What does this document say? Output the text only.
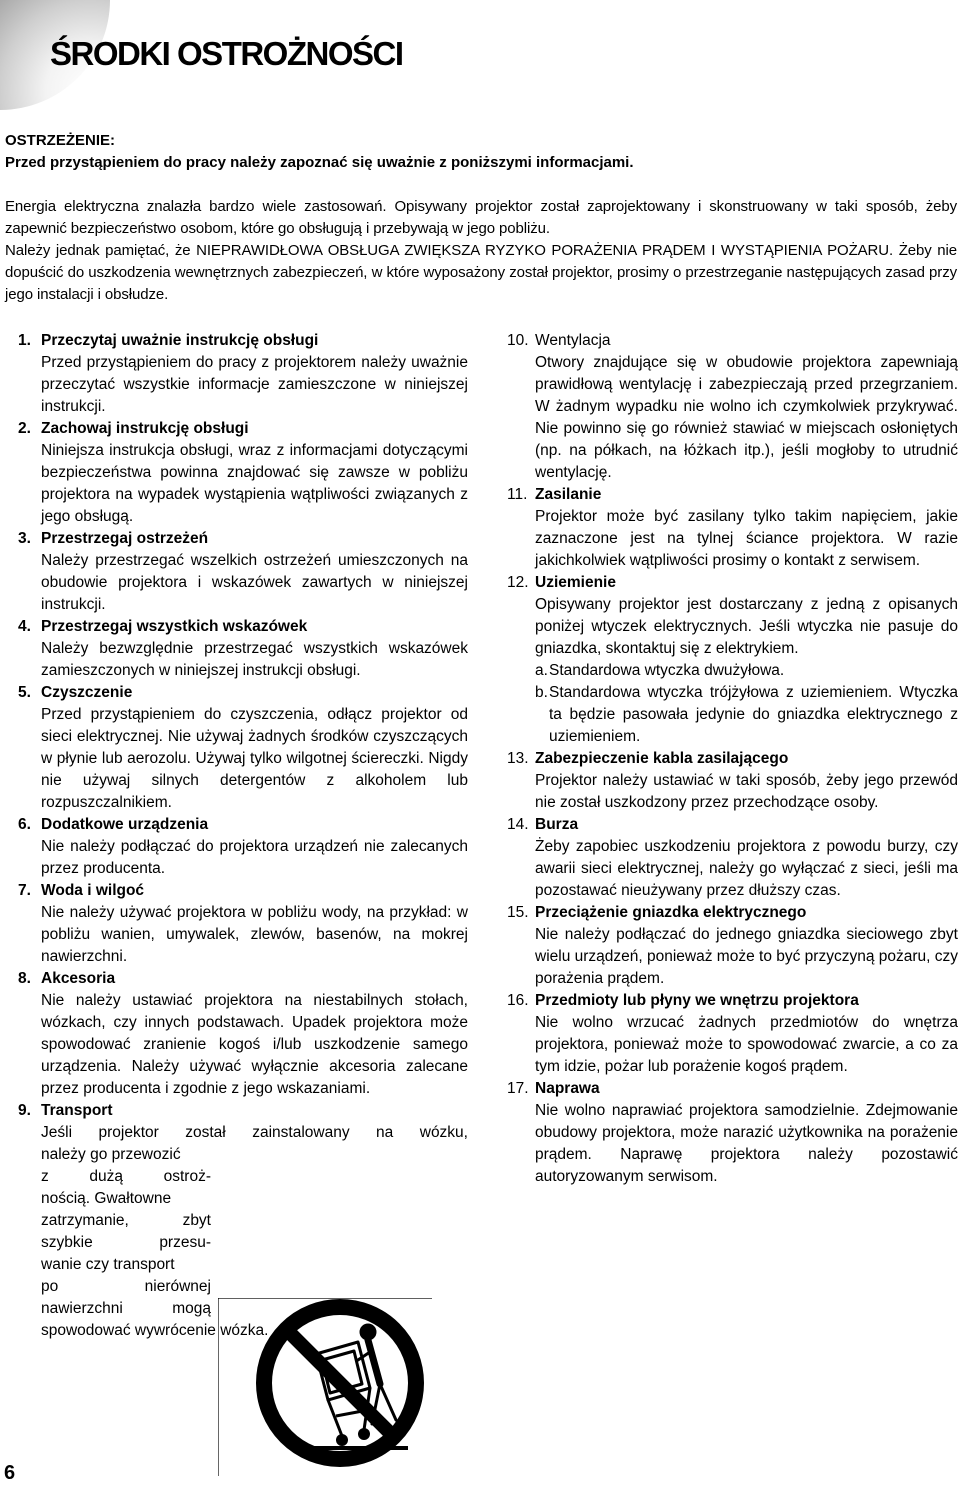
ŚRODKI OSTROŻNOŚCI
OSTRZEŻENIE:
Przed przystąpieniem do pracy należy zapoznać się uważnie z poniższymi informacjami.

Energia elektryczna znalazła bardzo wiele zastosowań. Opisywany projektor został zaprojektowany i skonstruowany w taki sposób, żeby zapewnić bezpieczeństwo osobom, które go obsługują i przebywają w jego pobliżu.

Należy jednak pamiętać, że NIEPRAWIDŁOWA OBSŁUGA ZWIĘKSZA RYZYKO PORAŻENIA PRĄDEM I WYSTĄPIENIA POŻARU. Żeby nie dopuścić do uszkodzenia wewnętrznych zabezpieczeń, w które wyposażony został projektor, prosimy o przestrzeganie następujących zasad przy jego instalacji i obsłudze.

1. Przeczytaj uważnie instrukcję obsługi

Przed przystąpieniem do pracy z projektorem należy uważnie przeczytać wszystkie informacje zamieszczone w niniejszej instrukcji.

2. Zachowaj instrukcję obsługi

Niniejsza instrukcja obsługi, wraz z informacjami dotyczącymi bezpieczeństwa powinna znajdować się zawsze w pobliżu projektora na wypadek wystąpienia wątpliwości związanych z jego obsługą.

3. Przestrzegaj ostrzeżeń

Należy przestrzegać wszelkich ostrzeżeń umieszczonych na obudowie projektora i wskazówek zawartych w niniejszej instrukcji.

4. Przestrzegaj wszystkich wskazówek

Należy bezwzględnie przestrzegać wszystkich wskazówek zamieszczonych w niniejszej instrukcji obsługi.

5. Czyszczenie

Przed przystąpieniem do czyszczenia, odłącz projektor od sieci elektrycznej. Nie używaj żadnych środków czyszczących w płynie lub aerozolu. Używaj tylko wilgotnej ściereczki. Nigdy nie używaj silnych detergentów z alkoholem lub rozpuszczalnikiem.

6. Dodatkowe urządzenia

Nie należy podłączać do projektora urządzeń nie zalecanych przez producenta.

7. Woda i wilgoć

Nie należy używać projektora w pobliżu wody, na przykład: w pobliżu wanien, umywalek, zlewów, basenów, na mokrej nawierzchni.

8. Akcesoria

Nie należy ustawiać projektora na niestabilnych stołach, wózkach, czy innych podstawach. Upadek projektora może spowodować zranienie kogoś i/lub uszkodzenie samego urządzenia. Należy używać wyłącznie akcesoria zalecane przez producenta i zgodnie z jego wskazaniami.

9. Transport
Jeśli projektor został zainstalowany na wózku,
należy go przewozić
z	dużą	ostroż-
nością. Gwałtowne
zatrzymanie,	zbyt
szybkie	przesu-
wanie czy transport
po	nierównej
nawierzchni	mogą
spowodować wywrócenie wózka.
10. Wentylacja

Otwory znajdujące się w obudowie projektora zapewniają prawidłową wentylację i zabezpieczają przed przegrzaniem. W żadnym wypadku nie wolno ich czymkolwiek przykrywać. Nie powinno się go również stawiać w miejscach osłoniętych (np. na półkach, na łóżkach itp.), jeśli mogłoby to utrudnić wentylację.

11. Zasilanie

Projektor może być zasilany tylko takim napięciem, jakie zaznaczone jest na tylnej ściance projektora. W razie jakichkolwiek wątpliwości prosimy o kontakt z serwisem.

12. Uziemienie

Opisywany projektor jest dostarczany z jedną z opisanych poniżej wtyczek elektrycznych. Jeśli wtyczka nie pasuje do gniazdka, skontaktuj się z elektrykiem.

a. Standardowa wtyczka dwużyłowa.
b. Standardowa wtyczka trójżyłowa z uziemieniem. Wtyczka ta będzie pasowała jedynie do gniazdka elektrycznego z uziemieniem.
13. Zabezpieczenie kabla zasilającego

Projektor należy ustawiać w taki sposób, żeby jego przewód nie został uszkodzony przez przechodzące osoby.

14. Burza

Żeby zapobiec uszkodzeniu projektora z powodu burzy, czy awarii sieci elektrycznej, należy go wyłączać z sieci, jeśli ma pozostawać nieużywany przez dłuższy czas.

15. Przeciążenie gniazdka elektrycznego

Nie należy podłączać do jednego gniazdka sieciowego zbyt wielu urządzeń, ponieważ może to być przyczyną pożaru, czy porażenia prądem.

16. Przedmioty lub płyny we wnętrzu projektora

Nie wolno wrzucać żadnych przedmiotów do wnętrza projektora, ponieważ może to spowodować zwarcie, a co za tym idzie, pożar lub porażenie kogoś prądem.

17. Naprawa

Nie wolno naprawiać projektora samodzielnie. Zdejmowanie obudowy projektora, może narazić użytkownika na porażenie prądem. Naprawę projektora należy pozostawić autoryzowanym serwisom.

6
